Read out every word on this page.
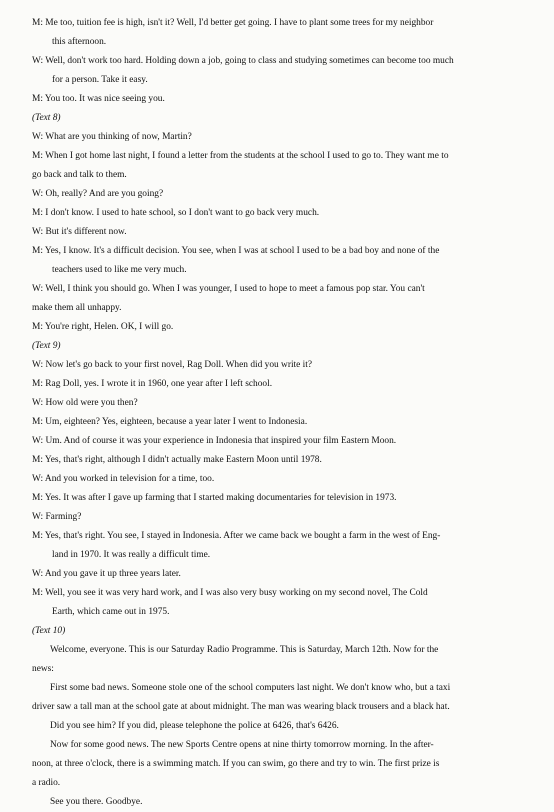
M: Me too, tuition fee is high, isn't it? Well, I'd better get going. I have to plant some trees for my neighbor
this afternoon.
W: Well, don't work too hard. Holding down a job, going to class and studying sometimes can become too much
for a person. Take it easy.
M: You too. It was nice seeing you.
(Text 8)
W: What are you thinking of now, Martin?
M: When I got home last night, I found a letter from the students at the school I used to go to. They want me to
go back and talk to them.
W: Oh, really? And are you going?
M: I don't know. I used to hate school, so I don't want to go back very much.
W: But it's different now.
M: Yes, I know. It's a difficult decision. You see, when I was at school I used to be a bad boy and none of the
teachers used to like me very much.
W: Well, I think you should go. When I was younger, I used to hope to meet a famous pop star. You can't
make them all unhappy.
M: You're right, Helen. OK, I will go.
(Text 9)
W: Now let's go back to your first novel, Rag Doll. When did you write it?
M: Rag Doll, yes. I wrote it in 1960, one year after I left school.
W: How old were you then?
M: Um, eighteen? Yes, eighteen, because a year later I went to Indonesia.
W: Um. And of course it was your experience in Indonesia that inspired your film Eastern Moon.
M: Yes, that's right, although I didn't actually make Eastern Moon until 1978.
W: And you worked in television for a time, too.
M: Yes. It was after I gave up farming that I started making documentaries for television in 1973.
W: Farming?
M: Yes, that's right. You see, I stayed in Indonesia. After we came back we bought a farm in the west of Eng-
land in 1970. It was really a difficult time.
W: And you gave it up three years later.
M: Well, you see it was very hard work, and I was also very busy working on my second novel, The Cold
Earth, which came out in 1975.
(Text 10)
Welcome, everyone. This is our Saturday Radio Programme. This is Saturday, March 12th. Now for the
news:
First some bad news. Someone stole one of the school computers last night. We don't know who, but a taxi
driver saw a tall man at the school gate at about midnight. The man was wearing black trousers and a black hat.
Did you see him? If you did, please telephone the police at 6426, that's 6426.
Now for some good news. The new Sports Centre opens at nine thirty tomorrow morning. In the after-
noon, at three o'clock, there is a swimming match. If you can swim, go there and try to win. The first prize is
a radio.
See you there. Goodbye.
